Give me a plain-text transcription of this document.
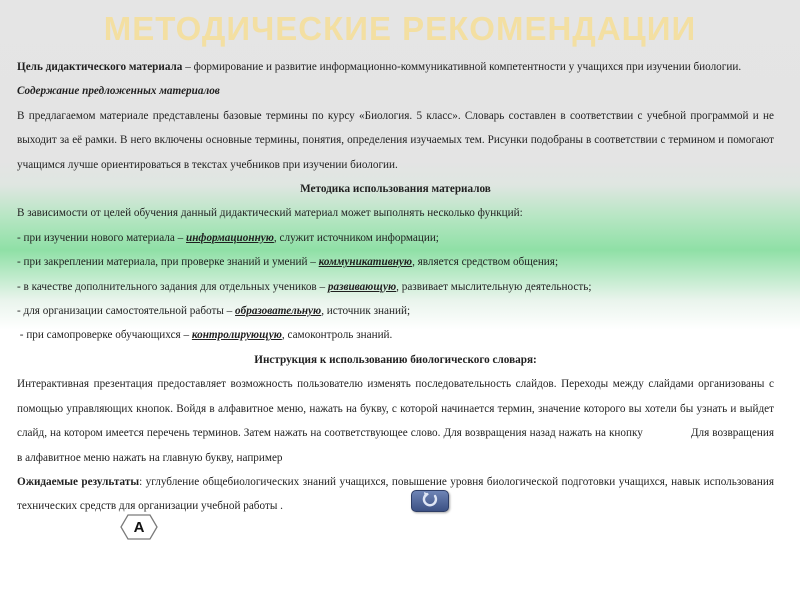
МЕТОДИЧЕСКИЕ РЕКОМЕНДАЦИИ

Цель дидактического материала – формирование и развитие информационно-коммуникативной компетентности у учащихся при изучении биологии.

Содержание предложенных материалов

В предлагаемом материале представлены базовые термины по курсу «Биология. 5 класс». Словарь составлен в соответствии с учебной программой и не выходит за её рамки. В него включены основные термины, понятия, определения изучаемых тем. Рисунки подобраны в соответствии с термином и помогают учащимся лучше ориентироваться в текстах учебников при изучении биологии.

Методика использования материалов

В зависимости от целей обучения данный дидактический материал может выполнять несколько функций:

- при изучении нового материала – информационную, служит источником информации;

- при закреплении материала, при проверке знаний и умений – коммуникативную, является средством общения;

- в качестве дополнительного задания для отдельных учеников – развивающую, развивает мыслительную деятельность;

- для организации самостоятельной работы – образовательную, источник знаний;

- при самопроверке обучающихся – контролирующую, самоконтроль знаний.

Инструкция к использованию биологического словаря:

Интерактивная презентация предоставляет возможность пользователю изменять последовательность слайдов. Переходы между слайдами организованы с помощью управляющих кнопок. Войдя в алфавитное меню, нажать на букву, с которой начинается термин, значение которого вы хотели бы узнать и выйдет слайд, на котором имеется перечень терминов. Затем нажать на соответствующее слово. Для возвращения назад нажать на кнопку	Для возвращения в алфавитное меню нажать на главную букву, например

Ожидаемые результаты: углубление общебиологических знаний учащихся, повышение уровня биологической подготовки учащихся, навык использования технических средств для организации учебной работы .

А
